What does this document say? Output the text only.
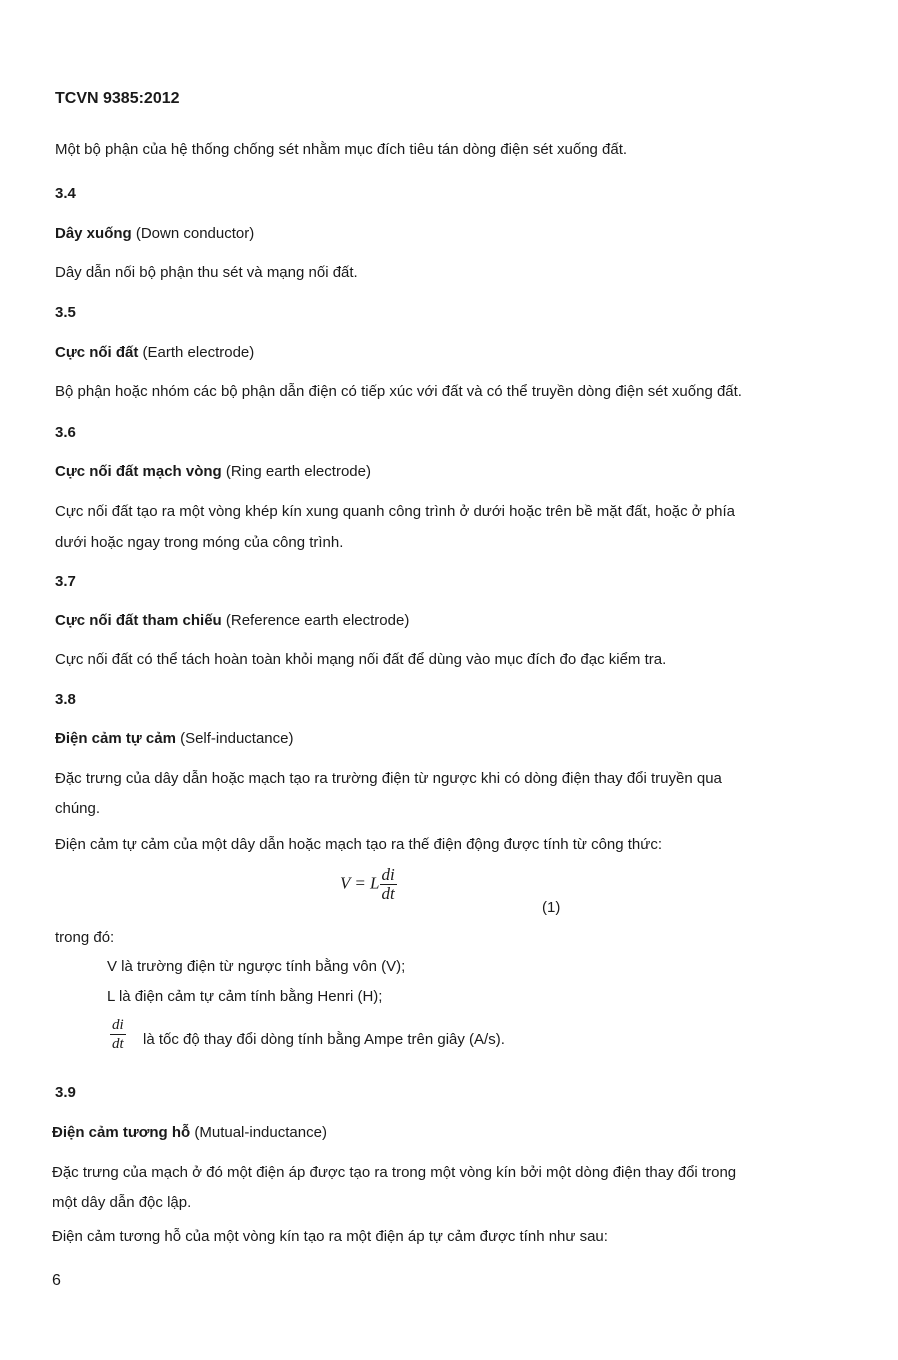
TCVN 9385:2012
Một bộ phận của hệ thống chống sét nhằm mục đích tiêu tán dòng điện sét xuống đất.
3.4
Dây xuống (Down conductor)
Dây dẫn nối bộ phận thu sét và mạng nối đất.
3.5
Cực nối đất (Earth electrode)
Bộ phận hoặc nhóm các bộ phận dẫn điện có tiếp xúc với đất và có thể truyền dòng điện sét xuống đất.
3.6
Cực nối đất mạch vòng (Ring earth electrode)
Cực nối đất tạo ra một vòng khép kín xung quanh công trình ở dưới hoặc trên bề mặt đất, hoặc ở phía
dưới hoặc ngay trong móng của công trình.
3.7
Cực nối đất tham chiếu (Reference earth electrode)
Cực nối đất có thể tách hoàn toàn khỏi mạng nối đất để dùng vào mục đích đo đạc kiểm tra.
3.8
Điện cảm tự cảm (Self-inductance)
Đặc trưng của dây dẫn hoặc mạch tạo ra trường điện từ ngược khi có dòng điện thay đổi truyền qua
chúng.
Điện cảm tự cảm của một dây dẫn hoặc mạch tạo ra thế điện động được tính từ công thức:
V = L $\frac{di}{dt}$
(1)
trong đó:
V là trường điện từ ngược tính bằng vôn (V);
L là điện cảm tự cảm tính bằng Henri (H);
$\frac{di}{dt}$ là tốc độ thay đổi dòng tính bằng Ampe trên giây (A/s).
3.9
Điện cảm tương hỗ (Mutual-inductance)
Đặc trưng của mạch ở đó một điện áp được tạo ra trong một vòng kín bởi một dòng điện thay đổi trong
một dây dẫn độc lập.
Điện cảm tương hỗ của một vòng kín tạo ra một điện áp tự cảm được tính như sau:
6
